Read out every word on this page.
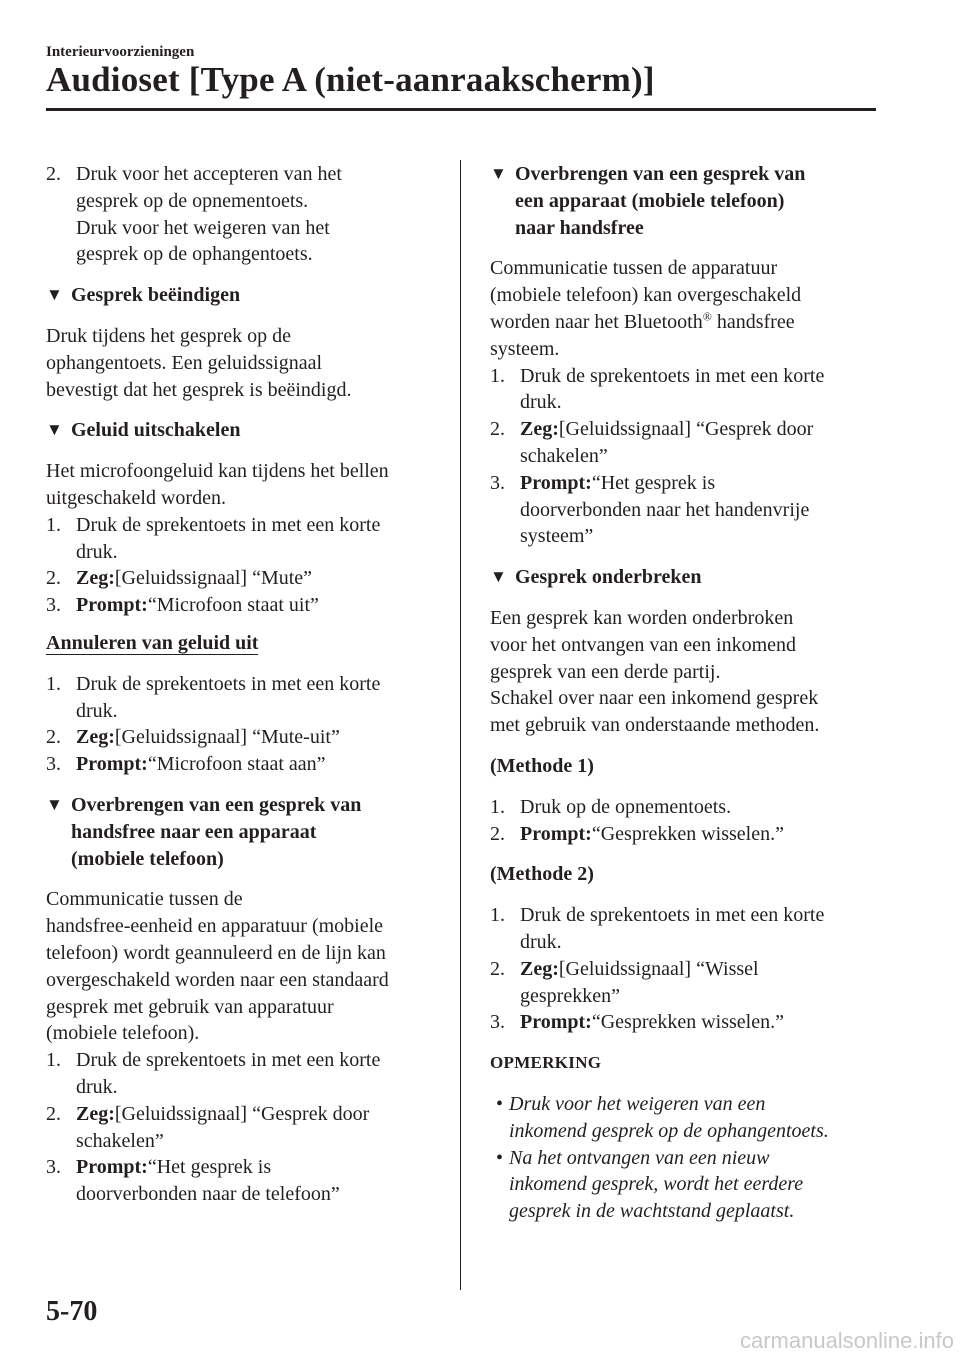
Interieurvoorzieningen
Audioset [Type A (niet-aanraakscherm)]
2. Druk voor het accepteren van het

gesprek op de opnementoets.

Druk voor het weigeren van het

gesprek op de ophangentoets.

▼ Gesprek beëindigen

Druk tijdens het gesprek op de

ophangentoets. Een geluidssignaal

bevestigt dat het gesprek is beëindigd.

▼ Geluid uitschakelen

Het microfoongeluid kan tijdens het bellen

uitgeschakeld worden.

1. Druk de sprekentoets in met een korte

druk.

2. Zeg:[Geluidssignaal] “Mute”

3. Prompt:“Microfoon staat uit”

Annuleren van geluid uit

1. Druk de sprekentoets in met een korte

druk.

2. Zeg:[Geluidssignaal] “Mute-uit”

3. Prompt:“Microfoon staat aan”

▼ Overbrengen van een gesprek van
handsfree naar een apparaat
(mobiele telefoon)

Communicatie tussen de

handsfree-eenheid en apparatuur (mobiele

telefoon) wordt geannuleerd en de lijn kan

overgeschakeld worden naar een standaard

gesprek met gebruik van apparatuur

(mobiele telefoon).

1. Druk de sprekentoets in met een korte

druk.

2. Zeg:[Geluidssignaal] “Gesprek door

schakelen”

3. Prompt:“Het gesprek is

doorverbonden naar de telefoon”

▼ Overbrengen van een gesprek van
een apparaat (mobiele telefoon)
naar handsfree

Communicatie tussen de apparatuur

(mobiele telefoon) kan overgeschakeld

worden naar het Bluetooth® handsfree

systeem.

1. Druk de sprekentoets in met een korte

druk.

2. Zeg:[Geluidssignaal] “Gesprek door

schakelen”

3. Prompt:“Het gesprek is

doorverbonden naar het handenvrije

systeem”

▼ Gesprek onderbreken

Een gesprek kan worden onderbroken

voor het ontvangen van een inkomend

gesprek van een derde partij.

Schakel over naar een inkomend gesprek

met gebruik van onderstaande methoden.

(Methode 1)

1. Druk op de opnementoets.

2. Prompt:“Gesprekken wisselen.”

(Methode 2)

1. Druk de sprekentoets in met een korte

druk.

2. Zeg:[Geluidssignaal] “Wissel

gesprekken”

3. Prompt:“Gesprekken wisselen.”

OPMERKING

• Druk voor het weigeren van een

inkomend gesprek op de ophangentoets.

• Na het ontvangen van een nieuw

inkomend gesprek, wordt het eerdere

gesprek in de wachtstand geplaatst.

5-70
carmanualsonline.info
